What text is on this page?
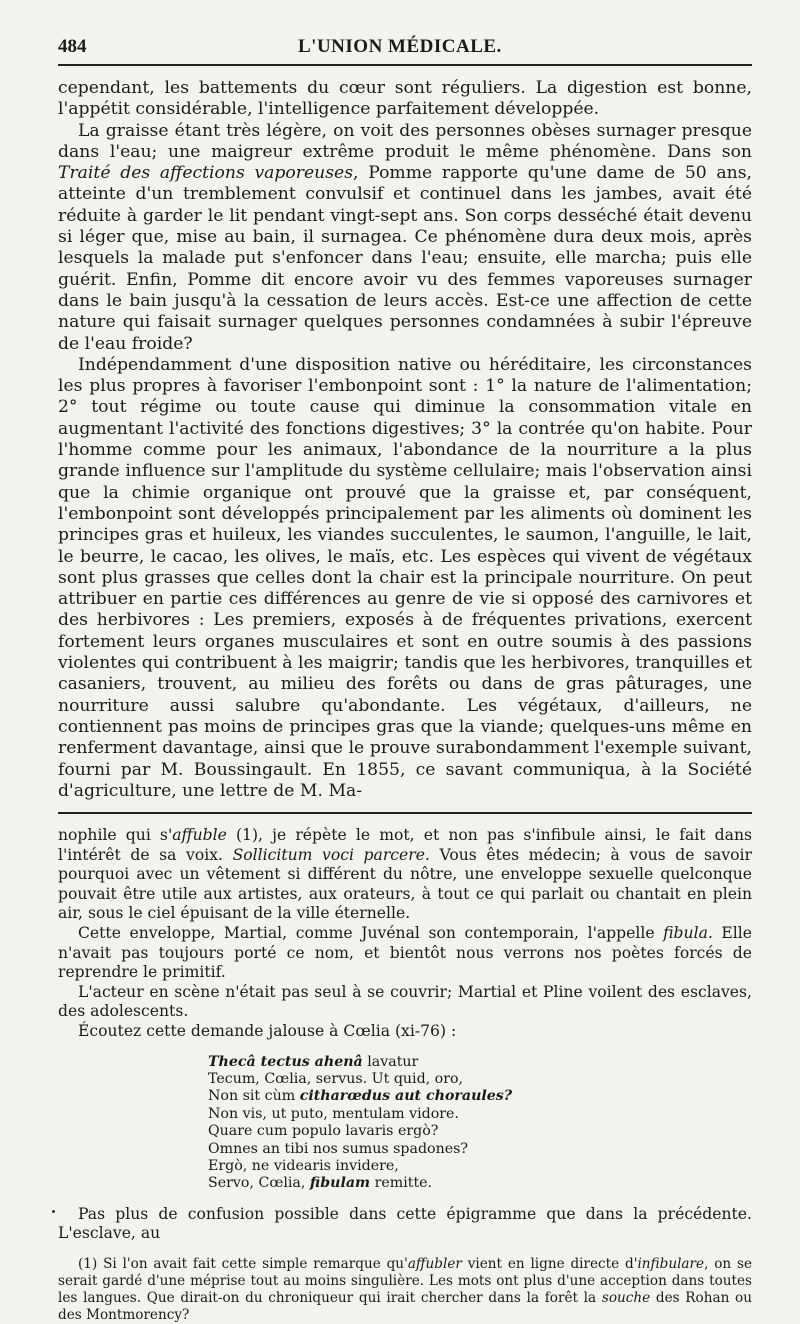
484	L'UNION MÉDICALE.

cependant, les battements du cœur sont réguliers. La digestion est bonne, l'appétit considérable, l'intelligence parfaitement développée.

La graisse étant très légère, on voit des personnes obèses surnager presque dans l'eau; une maigreur extrême produit le même phénomène. Dans son Traité des affections vaporeuses, Pomme rapporte qu'une dame de 50 ans, atteinte d'un tremblement convulsif et continuel dans les jambes, avait été réduite à garder le lit pendant vingt-sept ans. Son corps desséché était devenu si léger que, mise au bain, il surnagea. Ce phénomène dura deux mois, après lesquels la malade put s'enfoncer dans l'eau; ensuite, elle marcha; puis elle guérit. Enfin, Pomme dit encore avoir vu des femmes vaporeuses surnager dans le bain jusqu'à la cessation de leurs accès. Est-ce une affection de cette nature qui faisait surnager quelques personnes condamnées à subir l'épreuve de l'eau froide?

Indépendamment d'une disposition native ou héréditaire, les circonstances les plus propres à favoriser l'embonpoint sont : 1° la nature de l'alimentation; 2° tout régime ou toute cause qui diminue la consommation vitale en augmentant l'activité des fonctions digestives; 3° la contrée qu'on habite. Pour l'homme comme pour les animaux, l'abondance de la nourriture a la plus grande influence sur l'amplitude du système cellulaire; mais l'observation ainsi que la chimie organique ont prouvé que la graisse et, par conséquent, l'embonpoint sont développés principalement par les aliments où dominent les principes gras et huileux, les viandes succulentes, le saumon, l'anguille, le lait, le beurre, le cacao, les olives, le maïs, etc. Les espèces qui vivent de végétaux sont plus grasses que celles dont la chair est la principale nourriture. On peut attribuer en partie ces différences au genre de vie si opposé des carnivores et des herbivores : Les premiers, exposés à de fréquentes privations, exercent fortement leurs organes musculaires et sont en outre soumis à des passions violentes qui contribuent à les maigrir; tandis que les herbivores, tranquilles et casaniers, trouvent, au milieu des forêts ou dans de gras pâturages, une nourriture aussi salubre qu'abondante. Les végétaux, d'ailleurs, ne contiennent pas moins de principes gras que la viande; quelques-uns même en renferment davantage, ainsi que le prouve surabondamment l'exemple suivant, fourni par M. Boussingault. En 1855, ce savant communiqua, à la Société d'agriculture, une lettre de M. Ma-

nophile qui s'affuble (1), je répète le mot, et non pas s'infibule ainsi, le fait dans l'intérêt de sa voix. Sollicitum voci parcere. Vous êtes médecin; à vous de savoir pourquoi avec un vêtement si différent du nôtre, une enveloppe sexuelle quelconque pouvait être utile aux artistes, aux orateurs, à tout ce qui parlait ou chantait en plein air, sous le ciel épuisant de la ville éternelle.

Cette enveloppe, Martial, comme Juvénal son contemporain, l'appelle fibula. Elle n'avait pas toujours porté ce nom, et bientôt nous verrons nos poètes forcés de reprendre le primitif.

L'acteur en scène n'était pas seul à se couvrir; Martial et Pline voilent des esclaves, des adolescents.

Écoutez cette demande jalouse à Cœlia (xi-76) :

Thecâ tectus ahenâ lavatur
Tecum, Cœlia, servus. Ut quid, oro,
Non sit cùm citharœdus aut choraules?
Non vis, ut puto, mentulam vidore.
Quare cum populo lavaris ergò?
Omnes an tibi nos sumus spadones?
Ergò, ne videaris invidere,
Servo, Cœlia, fibulam remitte.

Pas plus de confusion possible dans cette épigramme que dans la précédente. L'esclave, au

(1) Si l'on avait fait cette simple remarque qu'affubler vient en ligne directe d'infibulare, on se serait gardé d'une méprise tout au moins singulière. Les mots ont plus d'une acception dans toutes les langues. Que dirait-on du chroniqueur qui irait chercher dans la forêt la souche des Rohan ou des Montmorency?
